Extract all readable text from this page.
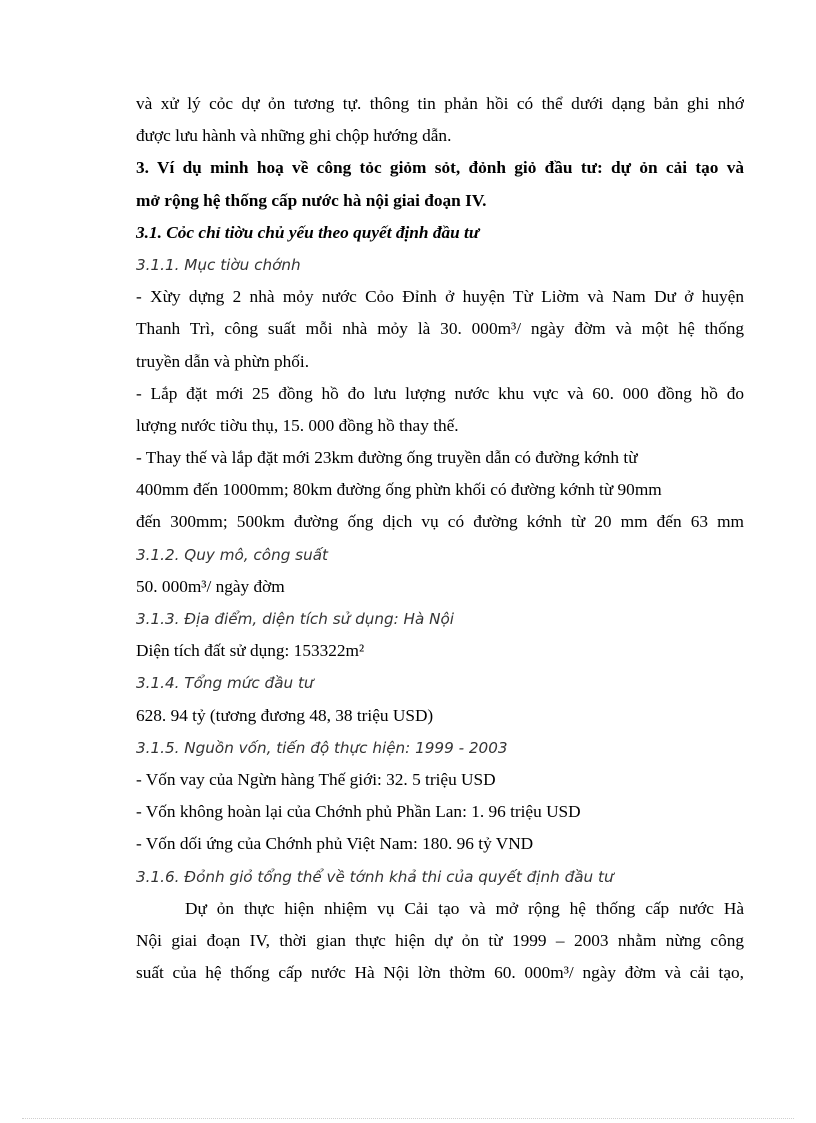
và xử lý cỏc dự ỏn tương tự. thông tin phản hồi có thể dưới dạng bản ghi nhớ
được lưu hành và những ghi chộp hướng dẫn.
3. Ví dụ minh hoạ về công tỏc giỏm sỏt, đỏnh giỏ đầu tư: dự ỏn cải tạo và
mở rộng hệ thống cấp nước hà nội giai đoạn IV.
3.1. Cỏc chỉ tiờu chủ yếu theo quyết định đầu tư
3.1.1. Mục tiờu chớnh
- Xừy dựng 2 nhà mỏy nước Cỏo Đỉnh ở huyện Từ Liờm và Nam Dư ở huyện
Thanh Trì, công suất mỗi nhà mỏy là 30. 000m³/ ngày đờm và một hệ thống
truyền dẫn và phừn phối.
- Lắp đặt mới 25 đồng hồ đo lưu lượng nước khu vực và 60. 000 đồng hồ đo
lượng nước tiờu thụ, 15. 000 đồng hồ thay thế.
- Thay thế và lắp đặt mới 23km đường ống truyền dẫn có đường kớnh từ
400mm đến 1000mm; 80km đường ống phừn khối có đường kớnh từ 90mm
đến 300mm; 500km đường ống dịch vụ có đường kớnh từ 20 mm đến 63 mm
3.1.2. Quy mô, công suất
50. 000m³/ ngày đờm
3.1.3. Địa điểm, diện tích sử dụng: Hà Nội
Diện tích đất sử dụng: 153322m²
3.1.4. Tổng mức đầu tư
628. 94 tỷ (tương đương 48, 38 triệu USD)
3.1.5. Nguồn vốn, tiến độ thực hiện: 1999 - 2003
- Vốn vay của Ngừn hàng Thế giới: 32. 5 triệu USD
- Vốn không hoàn lại của Chớnh phủ Phần Lan: 1. 96 triệu USD
- Vốn dối ứng của Chớnh phủ Việt Nam: 180. 96 tỷ VND
3.1.6. Đỏnh giỏ tổng thể về tớnh khả thi của quyết định đầu tư
Dự ỏn thực hiện nhiệm vụ Cải tạo và mở rộng hệ thống cấp nước Hà
Nội giai đoạn IV, thời gian thực hiện dự ỏn từ 1999 – 2003 nhằm nừng công
suất của hệ thống cấp nước Hà Nội lờn thờm 60. 000m³/ ngày đờm và cải tạo,
